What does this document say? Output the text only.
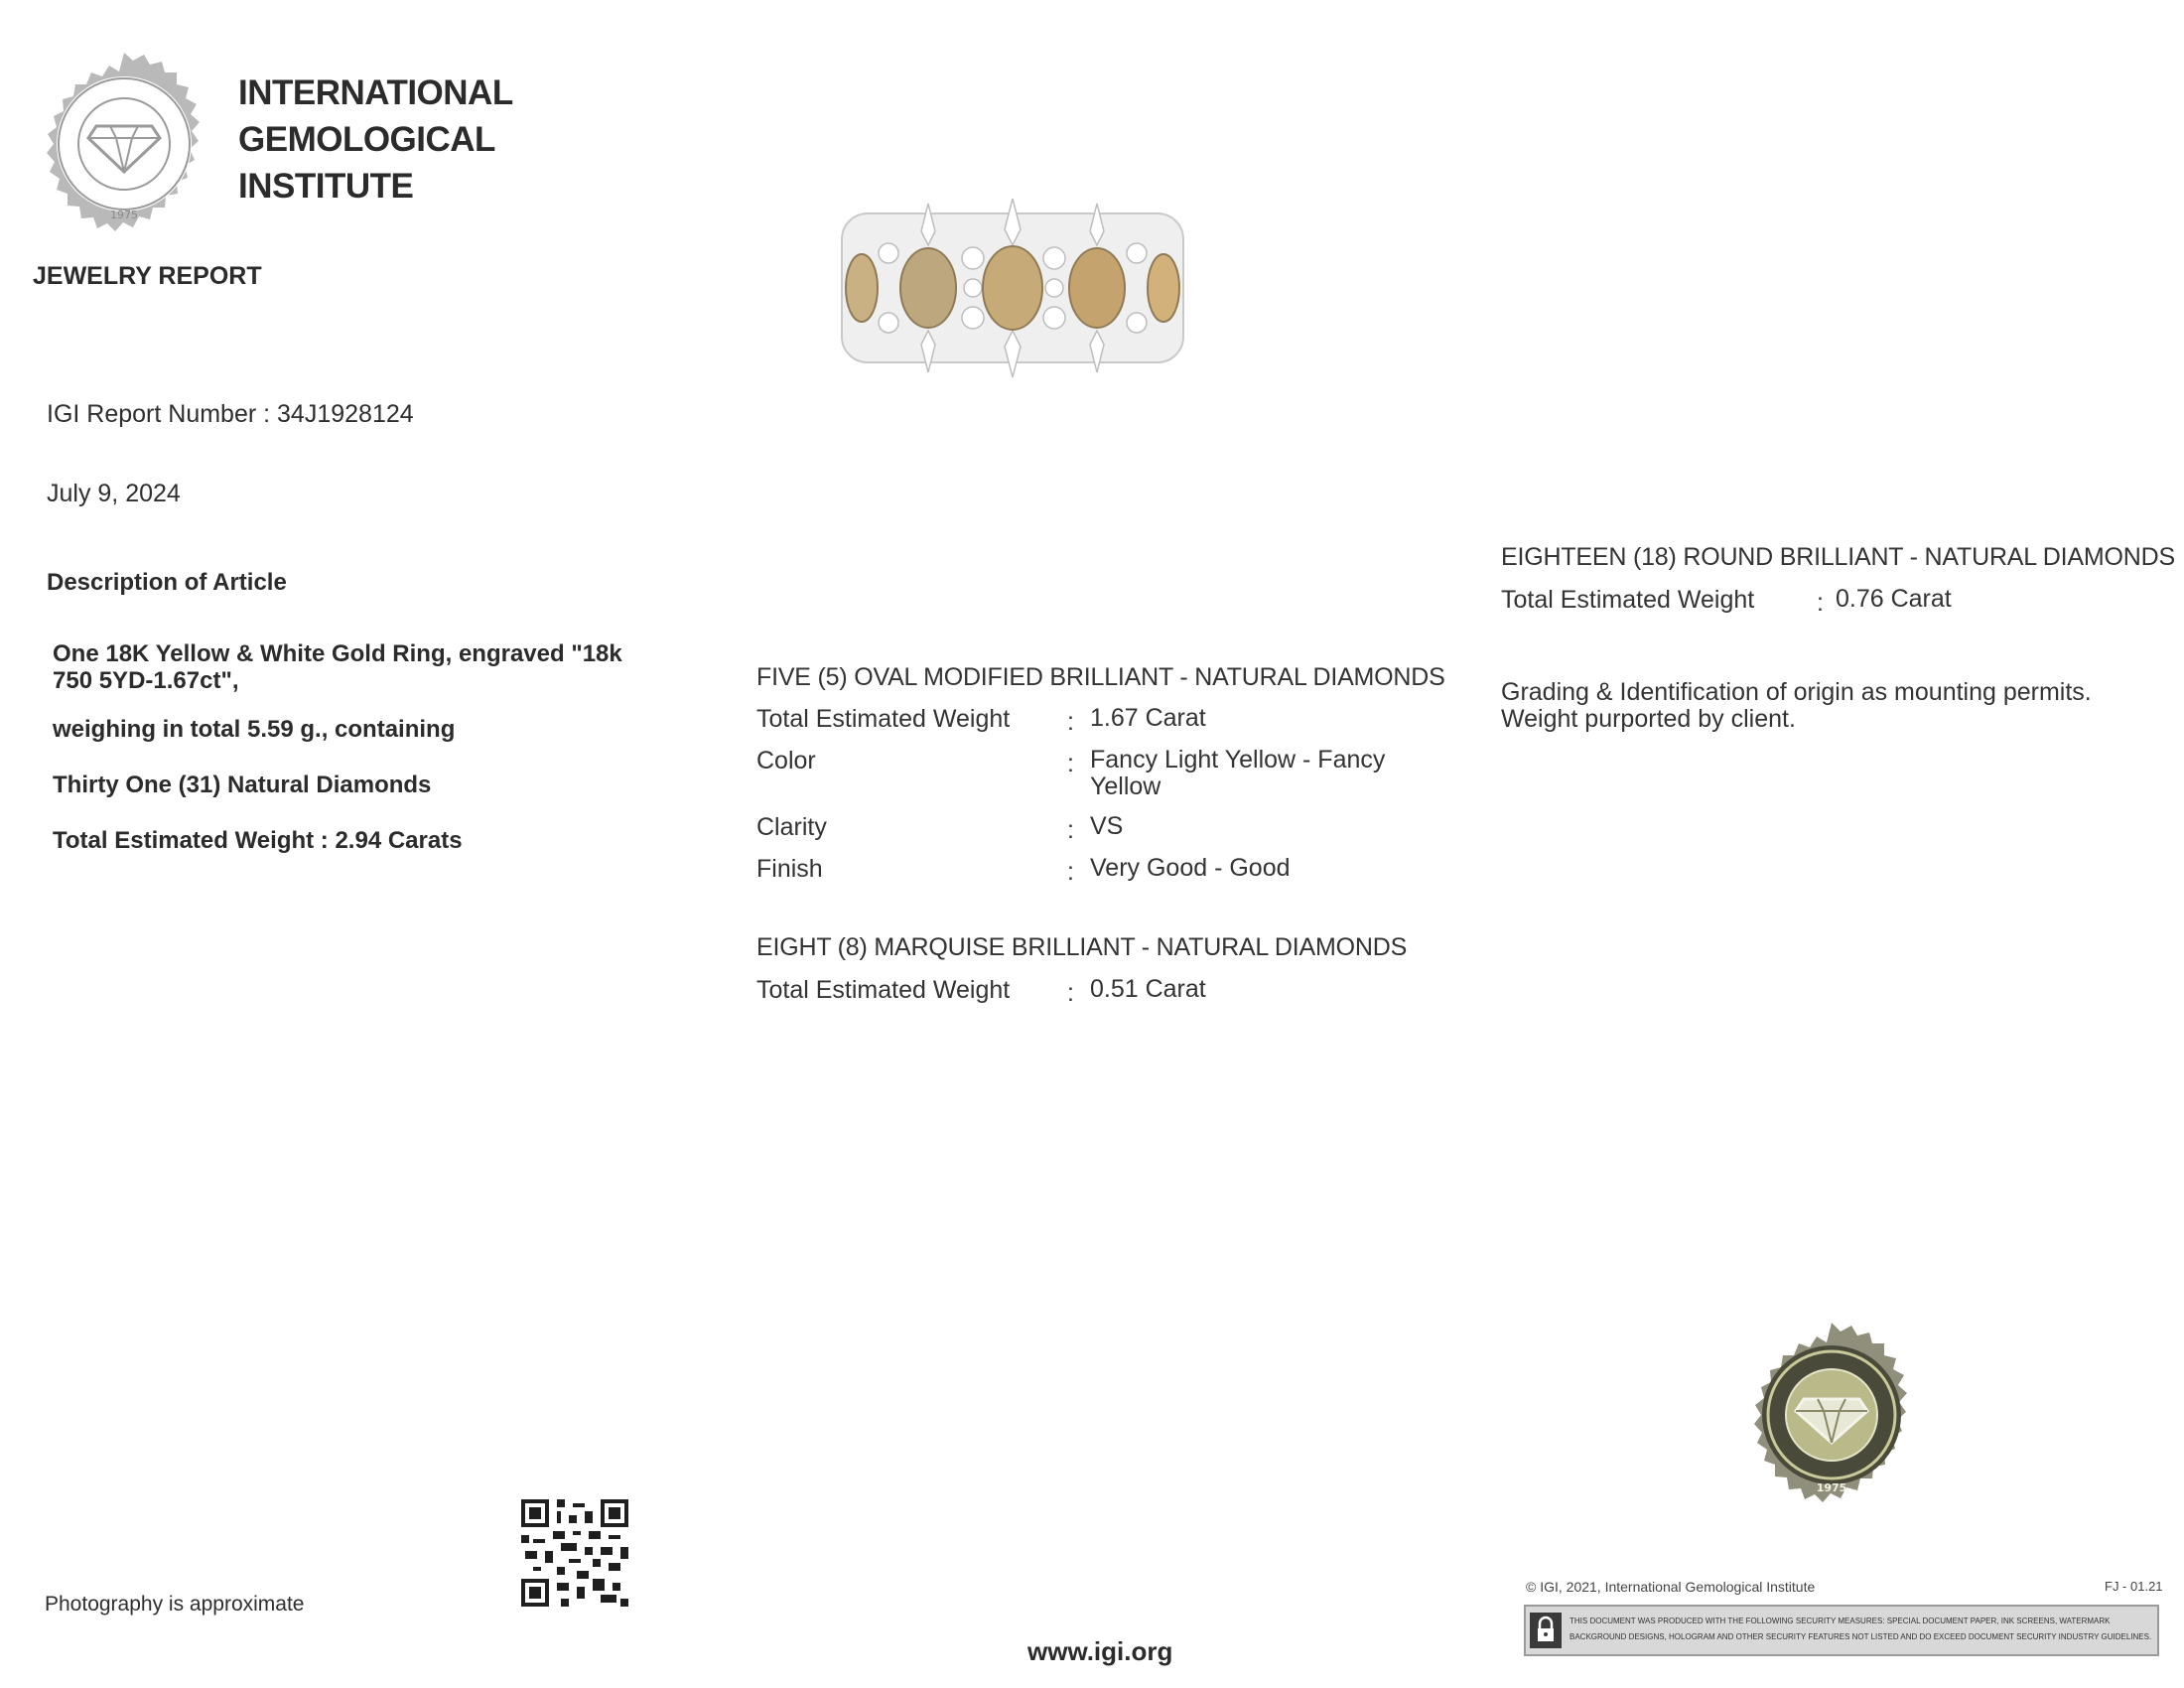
1975
INTERNATIONAL
GEMOLOGICAL
INSTITUTE
JEWELRY REPORT
IGI Report Number : 34J1928124
July 9, 2024
Description of Article
One 18K Yellow & White Gold Ring, engraved "18k 750 5YD-1.67ct",
weighing in total 5.59 g., containing
Thirty One (31) Natural Diamonds
Total Estimated Weight : 2.94 Carats
FIVE (5) OVAL MODIFIED BRILLIANT - NATURAL DIAMONDS
Total Estimated Weight : 1.67 Carat
Color	: Fancy Light Yellow - Fancy Yellow
Clarity	: VS
Finish	: Very Good - Good
EIGHT (8) MARQUISE BRILLIANT - NATURAL DIAMONDS
Total Estimated Weight : 0.51 Carat
EIGHTEEN (18) ROUND BRILLIANT - NATURAL DIAMONDS
Total Estimated Weight	: 0.76 Carat
Grading & Identification of origin as mounting permits.
Weight purported by client.
1975
Photography is approximate
www.igi.org
© IGI, 2021, International Gemological Institute	FJ - 01.21
THIS DOCUMENT WAS PRODUCED WITH THE FOLLOWING SECURITY MEASURES: SPECIAL DOCUMENT PAPER, INK SCREENS, WATERMARK
BACKGROUND DESIGNS, HOLOGRAM AND OTHER SECURITY FEATURES NOT LISTED AND DO EXCEED DOCUMENT SECURITY INDUSTRY GUIDELINES.
